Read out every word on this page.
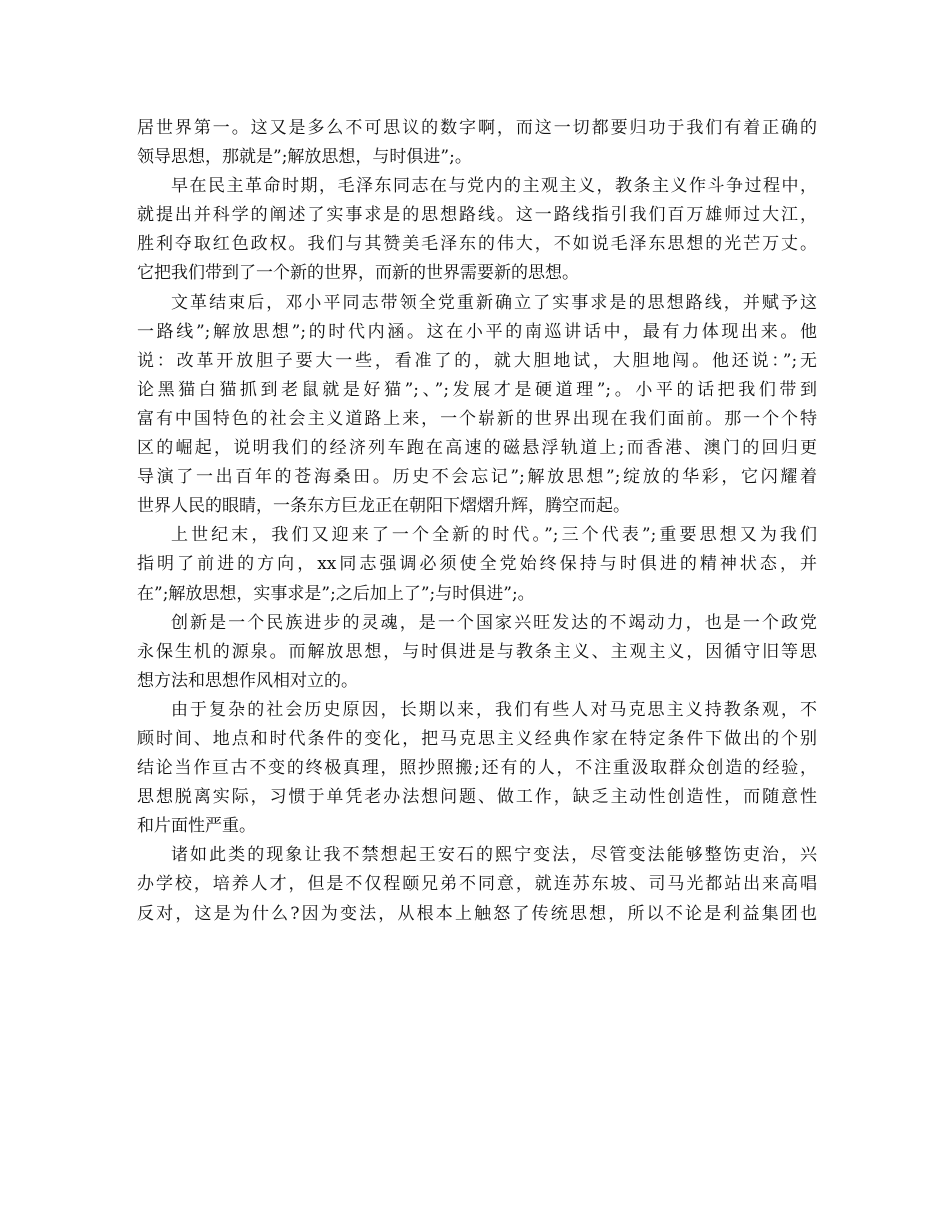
居世界第一。这又是多么不可思议的数字啊，而这一切都要归功于我们有着正确的
领导思想，那就是”;解放思想，与时俱进”;。

早在民主革命时期，毛泽东同志在与党内的主观主义，教条主义作斗争过程中，
就提出并科学的阐述了实事求是的思想路线。这一路线指引我们百万雄师过大江，
胜利夺取红色政权。我们与其赞美毛泽东的伟大，不如说毛泽东思想的光芒万丈。
它把我们带到了一个新的世界，而新的世界需要新的思想。

文革结束后，邓小平同志带领全党重新确立了实事求是的思想路线，并赋予这
一路线”;解放思想”;的时代内涵。这在小平的南巡讲话中，最有力体现出来。他
说：改革开放胆子要大一些，看准了的，就大胆地试，大胆地闯。他还说：”;无
论黑猫白猫抓到老鼠就是好猫”;、”;发展才是硬道理”;。小平的话把我们带到
富有中国特色的社会主义道路上来，一个崭新的世界出现在我们面前。那一个个特
区的崛起，说明我们的经济列车跑在高速的磁悬浮轨道上;而香港、澳门的回归更
导演了一出百年的苍海桑田。历史不会忘记”;解放思想”;绽放的华彩，它闪耀着
世界人民的眼睛，一条东方巨龙正在朝阳下熠熠升辉，腾空而起。

上世纪末，我们又迎来了一个全新的时代。”;三个代表”;重要思想又为我们
指明了前进的方向，xx同志强调必须使全党始终保持与时俱进的精神状态，并
在”;解放思想，实事求是”;之后加上了”;与时俱进”;。

创新是一个民族进步的灵魂，是一个国家兴旺发达的不竭动力，也是一个政党
永保生机的源泉。而解放思想，与时俱进是与教条主义、主观主义，因循守旧等思
想方法和思想作风相对立的。

由于复杂的社会历史原因，长期以来，我们有些人对马克思主义持教条观，不
顾时间、地点和时代条件的变化，把马克思主义经典作家在特定条件下做出的个别
结论当作亘古不变的终极真理，照抄照搬;还有的人，不注重汲取群众创造的经验，
思想脱离实际，习惯于单凭老办法想问题、做工作，缺乏主动性创造性，而随意性
和片面性严重。

诸如此类的现象让我不禁想起王安石的熙宁变法，尽管变法能够整饬吏治，兴
办学校，培养人才，但是不仅程颐兄弟不同意，就连苏东坡、司马光都站出来高唱
反对，这是为什么?因为变法，从根本上触怒了传统思想，所以不论是利益集团也
